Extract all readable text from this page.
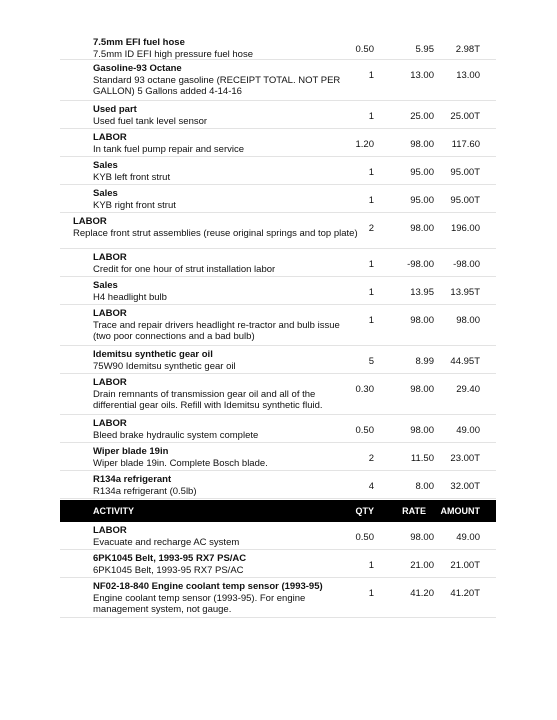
7.5mm EFI fuel hose
7.5mm ID EFI high pressure fuel hose	0.50	5.95	2.98T
Gasoline-93 Octane
Standard 93 octane gasoline (RECEIPT TOTAL. NOT PER
GALLON) 5 Gallons added 4-14-16
1	13.00	13.00
Used part
Used fuel tank level sensor	1	25.00	25.00T
LABOR
In tank fuel pump repair and service	1.20	98.00	117.60
Sales
KYB left front strut	1	95.00	95.00T
Sales
KYB right front strut	1	95.00	95.00T
LABOR
Replace front strut assemblies (reuse original springs and top plate)	2	98.00	196.00
LABOR
Credit for one hour of strut installation labor	1	-98.00	-98.00
Sales
H4 headlight bulb	1	13.95	13.95T
LABOR
Trace and repair drivers headlight re-tractor and bulb issue
(two poor connections and a bad bulb)
1	98.00	98.00
Idemitsu synthetic gear oil
75W90 Idemitsu synthetic gear oil	5	8.99	44.95T
LABOR
Drain remnants of transmission gear oil and all of the
differential gear oils. Refill with Idemitsu synthetic fluid.
0.30	98.00	29.40
LABOR
Bleed brake hydraulic system complete	0.50	98.00	49.00
Wiper blade 19in
Wiper blade 19in. Complete Bosch blade.	2	11.50	23.00T
R134a refrigerant
R134a refrigerant (0.5lb)	4	8.00	32.00T
ACTIVITY	QTY	RATE	AMOUNT
LABOR
Evacuate and recharge AC system	0.50	98.00	49.00
6PK1045 Belt, 1993-95 RX7 PS/AC
6PK1045 Belt, 1993-95 RX7 PS/AC	1	21.00	21.00T
NF02-18-840 Engine coolant temp sensor (1993-95)
Engine coolant temp sensor (1993-95). For engine
management system, not gauge.
1	41.20	41.20T
